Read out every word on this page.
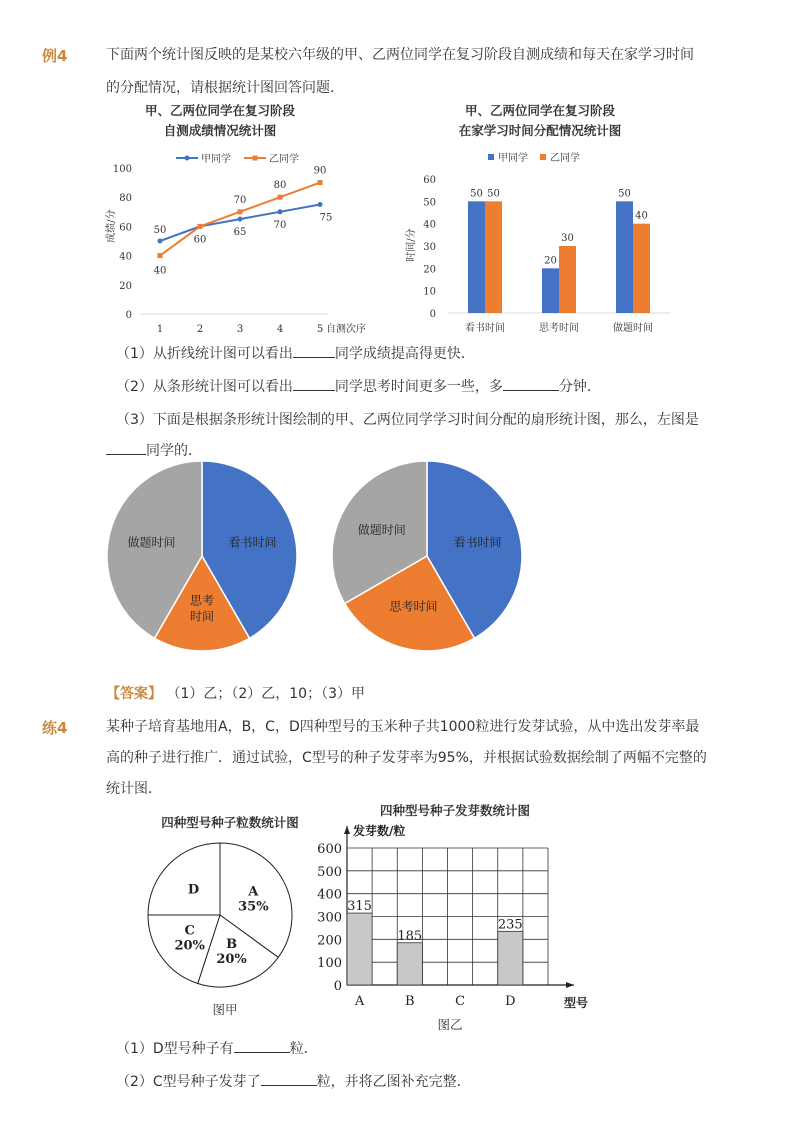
例4	下面两个统计图反映的是某校六年级的甲、乙两位同学在复习阶段自测成绩和每天在家学习时间
的分配情况，请根据统计图回答问题．
甲、乙两位同学在复习阶段
自测成绩情况统计图
甲同学	乙同学
0
20
40
60
80
100
1	2	3	4	5 自测次序
成绩/分	50
60
65
70
75
40
70
80
90
甲、乙两位同学在复习阶段
在家学习时间分配情况统计图
甲同学 乙同学
0
10
20
30
40
50
60
时间/分
50 50
看书时间
20
30
思考时间
50
40
做题时间
（1）从折线统计图可以看出	同学成绩提高得更快．
（2）从条形统计图可以看出	同学思考时间更多一些，多	分钟．
（3）下面是根据条形统计图绘制的甲、乙两位同学学习时间分配的扇形统计图，那么，左图是
同学的．
看书时间
思考
时间
做题时间	看书时间
思考时间
做题时间
【答案】 （1）乙；（2）乙，10；（3）甲
练4	某种子培育基地用A，B，C，D四种型号的玉米种子共1000粒进行发芽试验，从中选出发芽率最
高的种子进行推广．通过试验，C型号的种子发芽率为95%，并根据试验数据绘制了两幅不完整的
统计图．
四种型号种子粒数统计图
A
35%
B
20%
C
20%
D
图甲
四种型号种子发芽数统计图
发芽数/粒
型号
0
100
200
300
400
500
600
315
A
185
B	C
235
D
图乙
（1）D型号种子有	粒．
（2）C型号种子发芽了	粒，并将乙图补充完整．
